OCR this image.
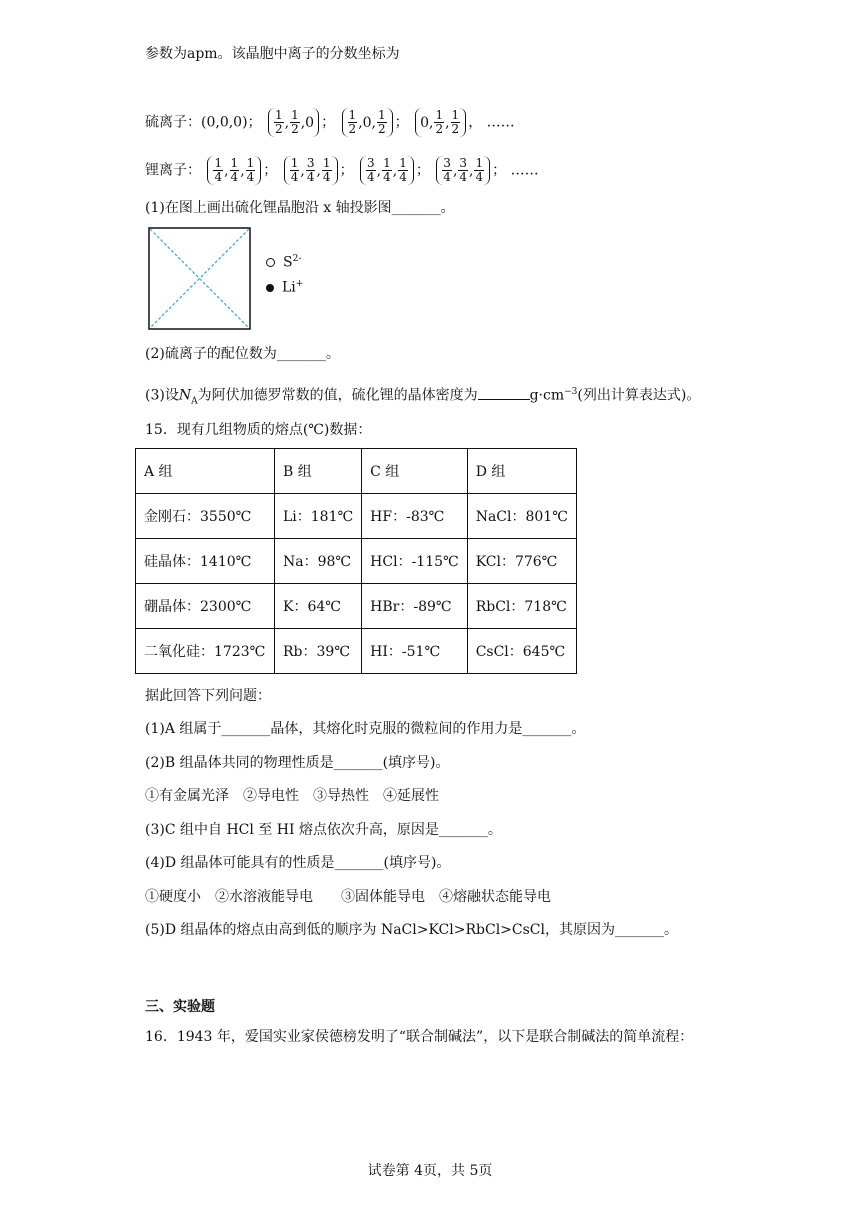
参数为apm。该晶胞中离子的分数坐标为
硫离子：(0,0,0)； $\frac{1}{2}$ , $\frac{1}{2} ,0$； $\frac{1}{2} ,0$, $\frac{1}{2}$ ； 0, $\frac{1}{2}$ , $\frac{1}{2}$ ， ……
锂离子： $\frac{1}{4}$ , $\frac{1}{4}$ , $\frac{1}{4}$ ； $\frac{1}{4}$ , $\frac{3}{4}$ , $\frac{1}{4}$ ； $\frac{3}{4}$ , $\frac{1}{4}$ , $\frac{1}{4}$ ； $\frac{3}{4}$ , $\frac{3}{4}$ , $\frac{1}{4}$ ； ……
(1)在图上画出硫化锂晶胞沿 x 轴投影图_______。
$S^{2-}$
Li+
(2)硫离子的配位数为_______。
(3)设$N_A$为阿伏加德罗常数的值，硫化锂的晶体密度为	$g\cdot cm^{-3}$(列出计算表达式)。
15．现有几组物质的熔点(℃)数据：
A 组	B 组	C 组	D 组
金刚石：3550℃	Li：181℃	HF：-83℃	NaCl：801℃
硅晶体：1410℃	Na：98℃	HCl：-115℃	KCl：776℃
硼晶体：2300℃	K：64℃	HBr：-89℃	RbCl：718℃
二氧化硅：1723℃	Rb：39℃	HI：-51℃	CsCl：645℃
据此回答下列问题：
(1)A 组属于_______晶体，其熔化时克服的微粒间的作用力是_______。
(2)B 组晶体共同的物理性质是_______(填序号)。
①有金属光泽　②导电性　③导热性　④延展性
(3)C 组中自 HCl 至 HI 熔点依次升高，原因是_______。
(4)D 组晶体可能具有的性质是_______(填序号)。
①硬度小　②水溶液能导电　　③固体能导电　④熔融状态能导电
(5)D 组晶体的熔点由高到低的顺序为 NaCl>KCl>RbCl>CsCl，其原因为_______。
三、实验题
16．1943 年，爱国实业家侯德榜发明了“联合制碱法”，以下是联合制碱法的简单流程：
试卷第 4页，共 5页
